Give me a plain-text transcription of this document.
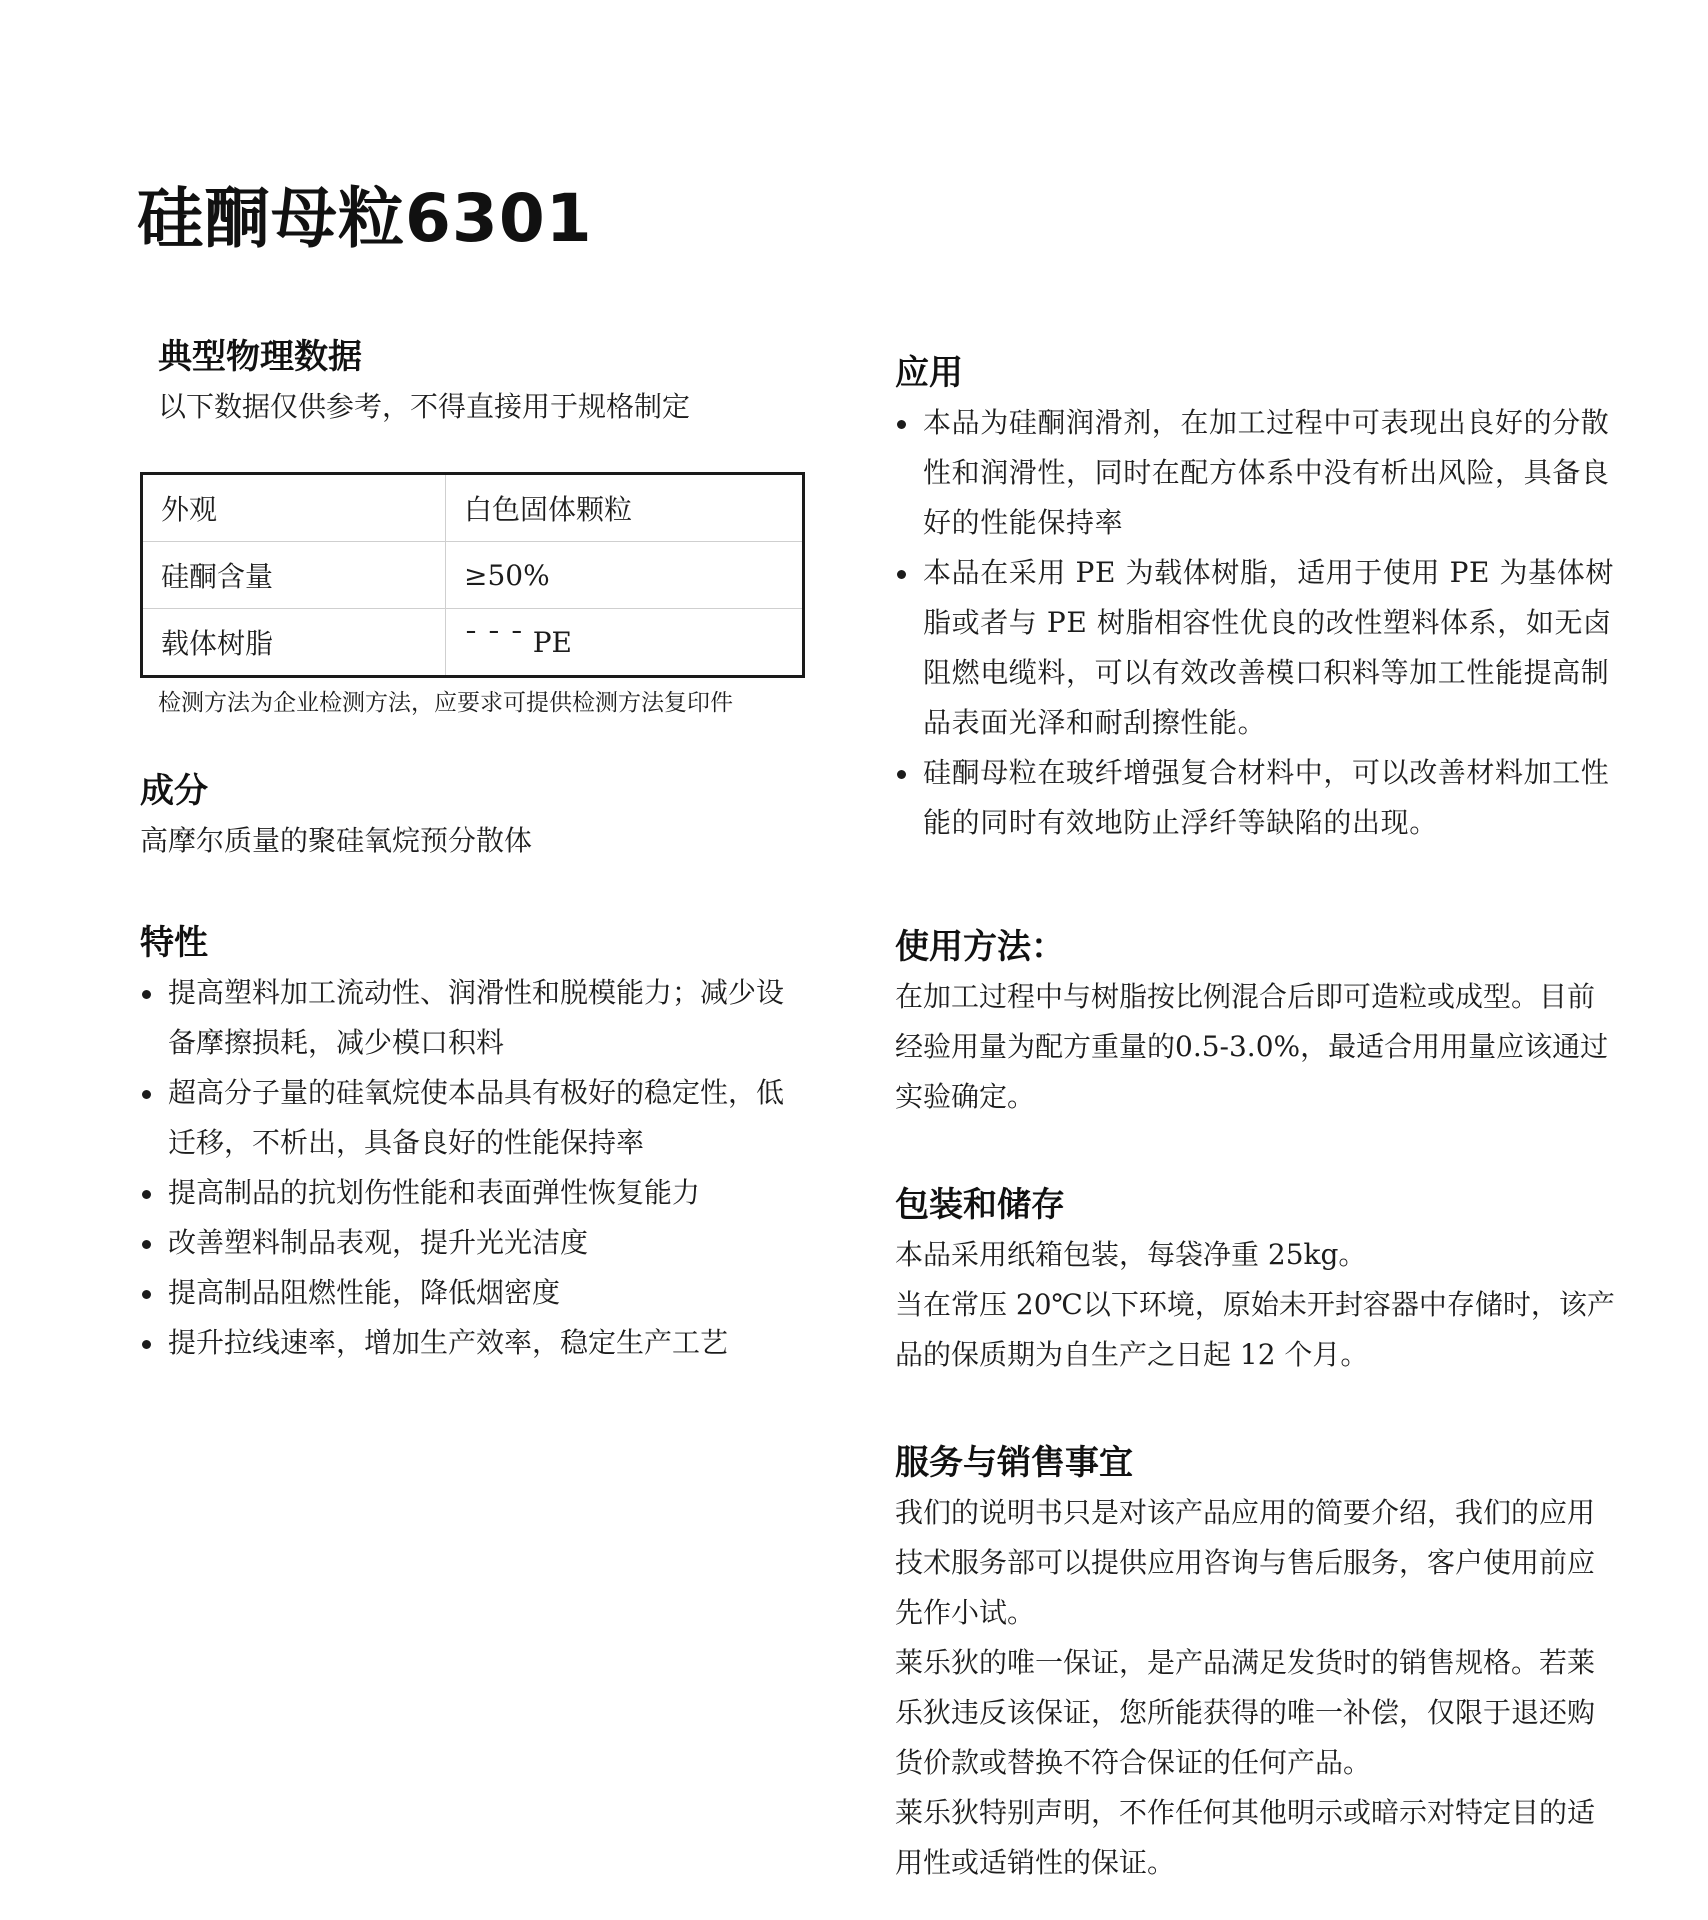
硅酮母粒6301
典型物理数据

以下数据仅供参考，不得直接用于规格制定

外观	白色固体颗粒
硅酮含量	≥50%
载体树脂	¯ ¯ ¯ PE

检测方法为企业检测方法，应要求可提供检测方法复印件

成分

高摩尔质量的聚硅氧烷预分散体

特性
提高塑料加工流动性、润滑性和脱模能力；减少设备摩擦损耗，减少模口积料
超高分子量的硅氧烷使本品具有极好的稳定性，低迁移，不析出，具备良好的性能保持率
提高制品的抗划伤性能和表面弹性恢复能力
改善塑料制品表观，提升光光洁度
提高制品阻燃性能，降低烟密度
提升拉线速率，增加生产效率，稳定生产工艺
应用
本品为硅酮润滑剂，在加工过程中可表现出良好的分散性和润滑性，同时在配方体系中没有析出风险，具备良好的性能保持率
本品在采用 PE 为载体树脂，适用于使用 PE 为基体树脂或者与 PE 树脂相容性优良的改性塑料体系，如无卤阻燃电缆料，可以有效改善模口积料等加工性能提高制品表面光泽和耐刮擦性能。
硅酮母粒在玻纤增强复合材料中，可以改善材料加工性能的同时有效地防止浮纤等缺陷的出现。
使用方法：

在加工过程中与树脂按比例混合后即可造粒或成型。目前经验用量为配方重量的0.5-3.0%，最适合用用量应该通过实验确定。

包装和储存

本品采用纸箱包装，每袋净重 25kg。

当在常压 20℃以下环境，原始未开封容器中存储时，该产品的保质期为自生产之日起 12 个月。

服务与销售事宜

我们的说明书只是对该产品应用的简要介绍，我们的应用技术服务部可以提供应用咨询与售后服务，客户使用前应先作小试。

莱乐狄的唯一保证，是产品满足发货时的销售规格。若莱乐狄违反该保证，您所能获得的唯一补偿，仅限于退还购货价款或替换不符合保证的任何产品。

莱乐狄特别声明，不作任何其他明示或暗示对特定目的适用性或适销性的保证。
